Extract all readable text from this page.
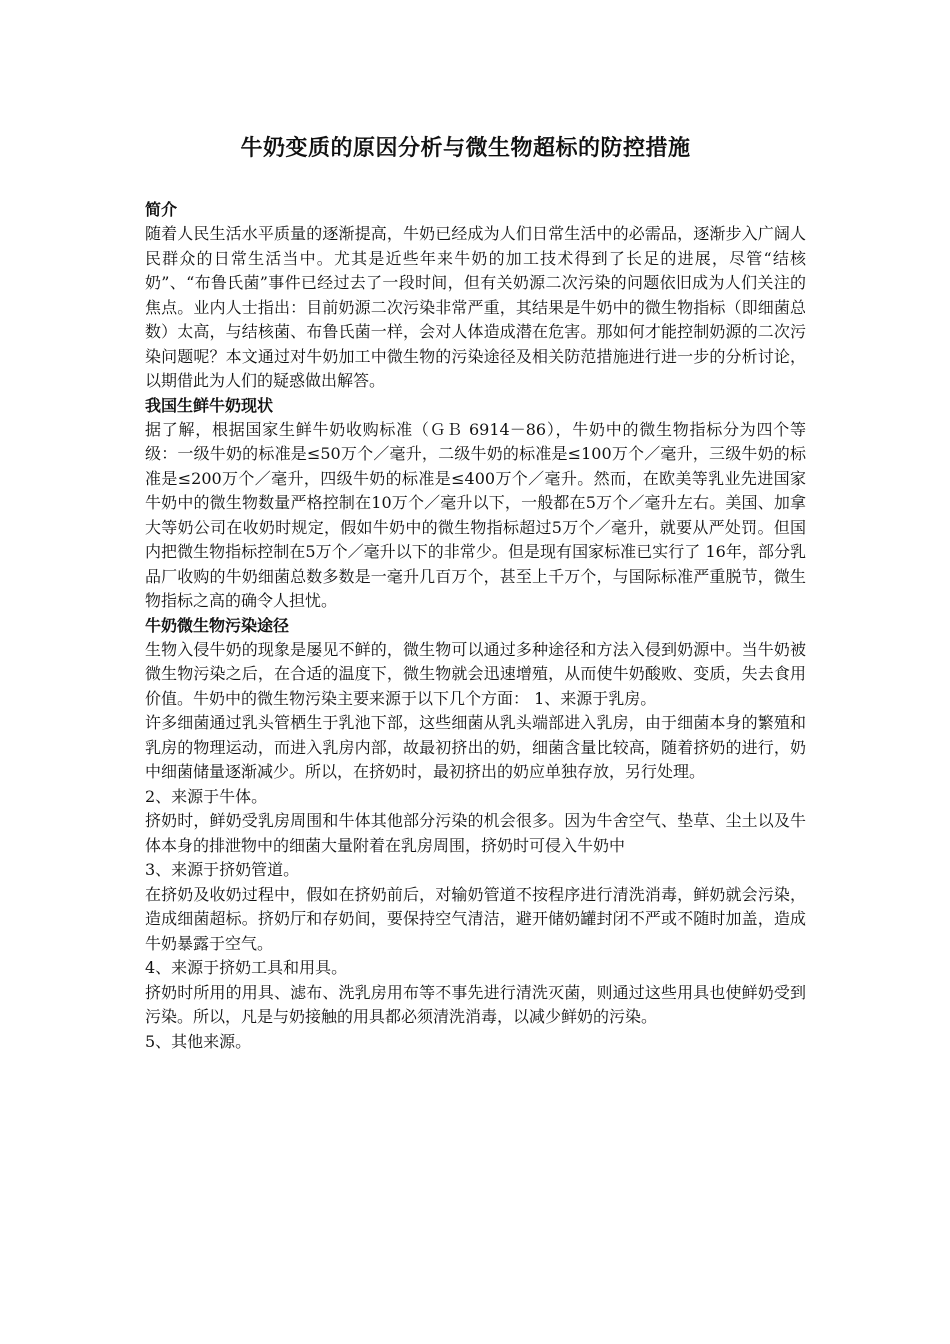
牛奶变质的原因分析与微生物超标的防控措施
简介

随着人民生活水平质量的逐渐提高，牛奶已经成为人们日常生活中的必需品，逐渐步入广阔人民群众的日常生活当中。尤其是近些年来牛奶的加工技术得到了长足的进展，尽管“结核奶”、“布鲁氏菌”事件已经过去了一段时间，但有关奶源二次污染的问题依旧成为人们关注的焦点。业内人士指出：目前奶源二次污染非常严重，其结果是牛奶中的微生物指标（即细菌总数）太高，与结核菌、布鲁氏菌一样，会对人体造成潜在危害。那如何才能控制奶源的二次污染问题呢？本文通过对牛奶加工中微生物的污染途径及相关防范措施进行进一步的分析讨论，以期借此为人们的疑惑做出解答。

我国生鲜牛奶现状

据了解，根据国家生鲜牛奶收购标准（ＧＢ 6914－86），牛奶中的微生物指标分为四个等级：一级牛奶的标准是≤50万个／毫升，二级牛奶的标准是≤100万个／毫升，三级牛奶的标准是≤200万个／毫升，四级牛奶的标准是≤400万个／毫升。然而，在欧美等乳业先进国家牛奶中的微生物数量严格控制在10万个／毫升以下，一般都在5万个／毫升左右。美国、加拿大等奶公司在收奶时规定，假如牛奶中的微生物指标超过5万个／毫升，就要从严处罚。但国内把微生物指标控制在5万个／毫升以下的非常少。但是现有国家标准已实行了 16年，部分乳品厂收购的牛奶细菌总数多数是一毫升几百万个，甚至上千万个，与国际标准严重脱节，微生物指标之高的确令人担忧。

牛奶微生物污染途径

生物入侵牛奶的现象是屡见不鲜的，微生物可以通过多种途径和方法入侵到奶源中。当牛奶被微生物污染之后，在合适的温度下，微生物就会迅速增殖，从而使牛奶酸败、变质，失去食用价值。牛奶中的微生物污染主要来源于以下几个方面： 1、来源于乳房。

许多细菌通过乳头管栖生于乳池下部，这些细菌从乳头端部进入乳房，由于细菌本身的繁殖和乳房的物理运动，而进入乳房内部，故最初挤出的奶，细菌含量比较高，随着挤奶的进行，奶中细菌储量逐渐减少。所以，在挤奶时，最初挤出的奶应单独存放，另行处理。

2、来源于牛体。

挤奶时，鲜奶受乳房周围和牛体其他部分污染的机会很多。因为牛舍空气、垫草、尘土以及牛体本身的排泄物中的细菌大量附着在乳房周围，挤奶时可侵入牛奶中

3、来源于挤奶管道。

在挤奶及收奶过程中，假如在挤奶前后，对输奶管道不按程序进行清洗消毒，鲜奶就会污染，造成细菌超标。挤奶厅和存奶间，要保持空气清洁，避开储奶罐封闭不严或不随时加盖，造成牛奶暴露于空气。

4、来源于挤奶工具和用具。

挤奶时所用的用具、滤布、洗乳房用布等不事先进行清洗灭菌，则通过这些用具也使鲜奶受到污染。所以，凡是与奶接触的用具都必须清洗消毒，以减少鲜奶的污染。

5、其他来源。
